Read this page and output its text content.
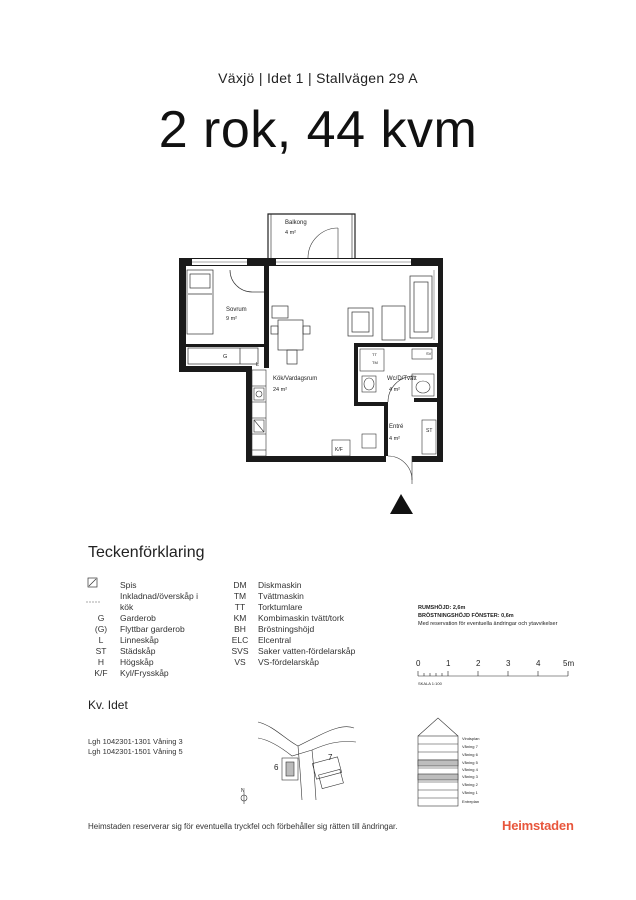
Växjö | Idet 1 | Stallvägen 29 A
2 rok, 44 kvm
Balkong
4 m²
Sovrum
9 m²
G
L
Kök/Vardagsrum
24 m²
K/F
Wc/D/Tvätt
4 m²
TT
TM
SV
ST
Entré
4 m²
0	1	2	3	4	5m
SKALA 1:100
6
7
N
Vindsplan
Våning 7
Våning 6
Våning 5
Våning 4
Våning 3
Våning 2
Våning 1
Entreplan
Teckenförklaring
Spis
Inkladnad/överskåp i kök
G	Garderob
(G)	Flyttbar garderob
L	Linneskåp
ST	Städskåp
H	Högskåp
K/F	Kyl/Frysskåp
DM	Diskmaskin
TM	Tvättmaskin
TT	Torktumlare
KM	Kombimaskin tvätt/tork
BH	Bröstningshöjd
ELC	Elcentral
SVS	Saker vatten-fördelarskåp
VS	VS-fördelarskåp
RUMSHÖJD: 2,6m
BRÖSTNINGSHÖJD FÖNSTER: 0,6m
Med reservation för eventuella ändringar och ytavvikelser
Kv. Idet
Lgh 1042301-1301 Våning 3
Lgh 1042301-1501 Våning 5
Heimstaden reserverar sig för eventuella tryckfel och förbehåller sig rätten till ändringar.	Heimstaden
